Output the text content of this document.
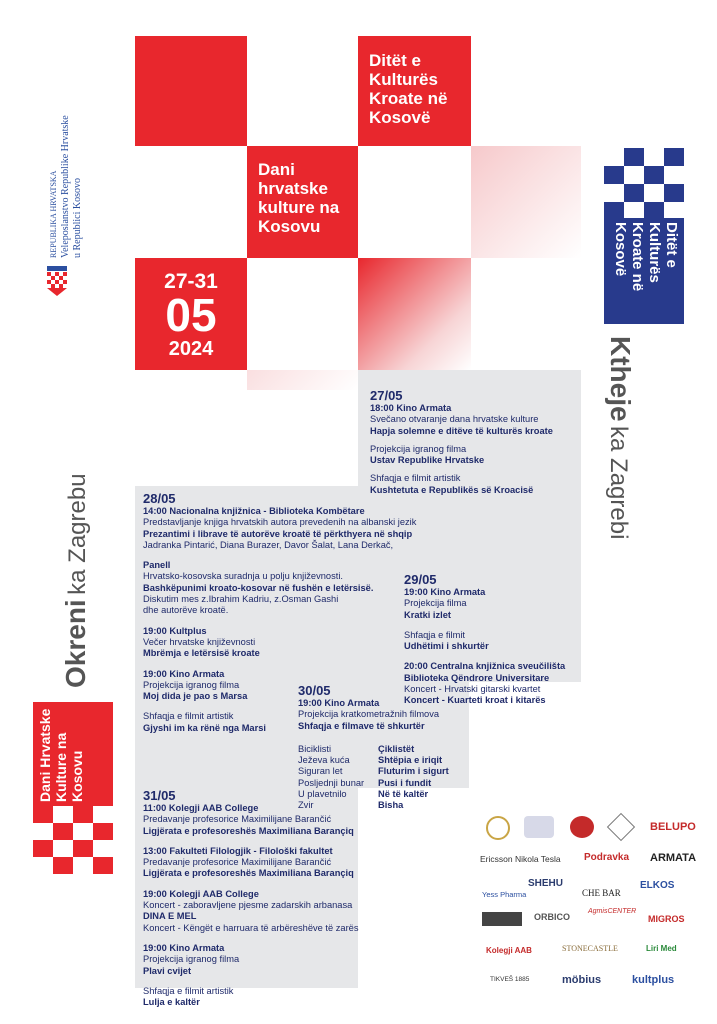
Ditët e Kulturës Kroate në Kosovë
Dani hrvatske kulture na Kosovu
27-31
05
2024
REPUBLIKA HRVATSKA Veleposlanstvo Republike Hrvatske u Republici Kosovo	Ditët e Kulturës Kroate në Kosovë
Ktheje ka Zagrebi
Okreni ka Zagrebu
Dani Hrvatske Kulture na Kosovu
27/05
18:00 Kino Armata
Svečano otvaranje dana hrvatske kulture
Hapja solemne e ditëve të kulturës kroate
Projekcija igranog filma
Ustav Republike Hrvatske
Shfaqja e filmit artistik
Kushtetuta e Republikës së Kroacisë
28/05
14:00 Nacionalna knjižnica - Biblioteka Kombëtare
Predstavljanje knjiga hrvatskih autora prevedenih na albanski jezik
Prezantimi i librave të autorëve kroatë të përkthyera në shqip
Jadranka Pintarić, Diana Burazer, Davor Šalat, Lana Derkač,
Panell
Hrvatsko-kosovska suradnja u polju književnosti.
Bashkëpunimi kroato-kosovar në fushën e letërsisë.
Diskutim mes z.Ibrahim Kadriu, z.Osman Gashi
dhe autorëve kroatë.
19:00 Kultplus
Večer hrvatske književnosti
Mbrëmja e letërsisë kroate
19:00 Kino Armata
Projekcija igranog filma
Moj dida je pao s Marsa
Shfaqja e filmit artistik
Gjyshi im ka rënë nga Marsi
29/05
19:00 Kino Armata
Projekcija filma
Kratki izlet
Shfaqja e filmit
Udhëtimi i shkurtër
20:00 Centralna knjižnica sveučilišta
Biblioteka Qëndrore Universitare
Koncert - Hrvatski gitarski kvartet
Koncert - Kuarteti kroat i kitarës
30/05
19:00 Kino Armata
Projekcija kratkometražnih filmova
Shfaqja e filmave të shkurtër
Biciklisti
Ježeva kuća
Siguran let
Posljednji bunar
U plavetnilo
Zvir
Çiklistët
Shtëpia e iriqit
Fluturim i sigurt
Pusi i fundit
Në të kaltër
Bisha
31/05
11:00 Kolegji AAB College
Predavanje profesorice Maximilijane Barančić
Ligjërata e profesoreshës Maximiliana Barançiq
13:00 Fakulteti Filologjik - Filološki fakultet
Predavanje profesorice Maximilijane Barančić
Ligjërata e profesoreshës Maximiliana Barançiq
19:00 Kolegji AAB College
Koncert - zaboravljene pjesme zadarskih arbanasa
DINA E MEL
Koncert - Këngët e harruara të arbëreshëve të zarës
19:00 Kino Armata
Projekcija igranog filma
Plavi cvijet
Shfaqja e filmit artistik
Lulja e kaltër
BELUPO
Ericsson Nikola Tesla Podravka ARMATA
Yess Pharma
SHEHU
CHE BAR
ELKOS
ORBICO
AgmisCENTER
MIGROS
Kolegji AAB	STONECASTLE	Liri Med
TIKVEŠ 1885	möbius	kultplus
